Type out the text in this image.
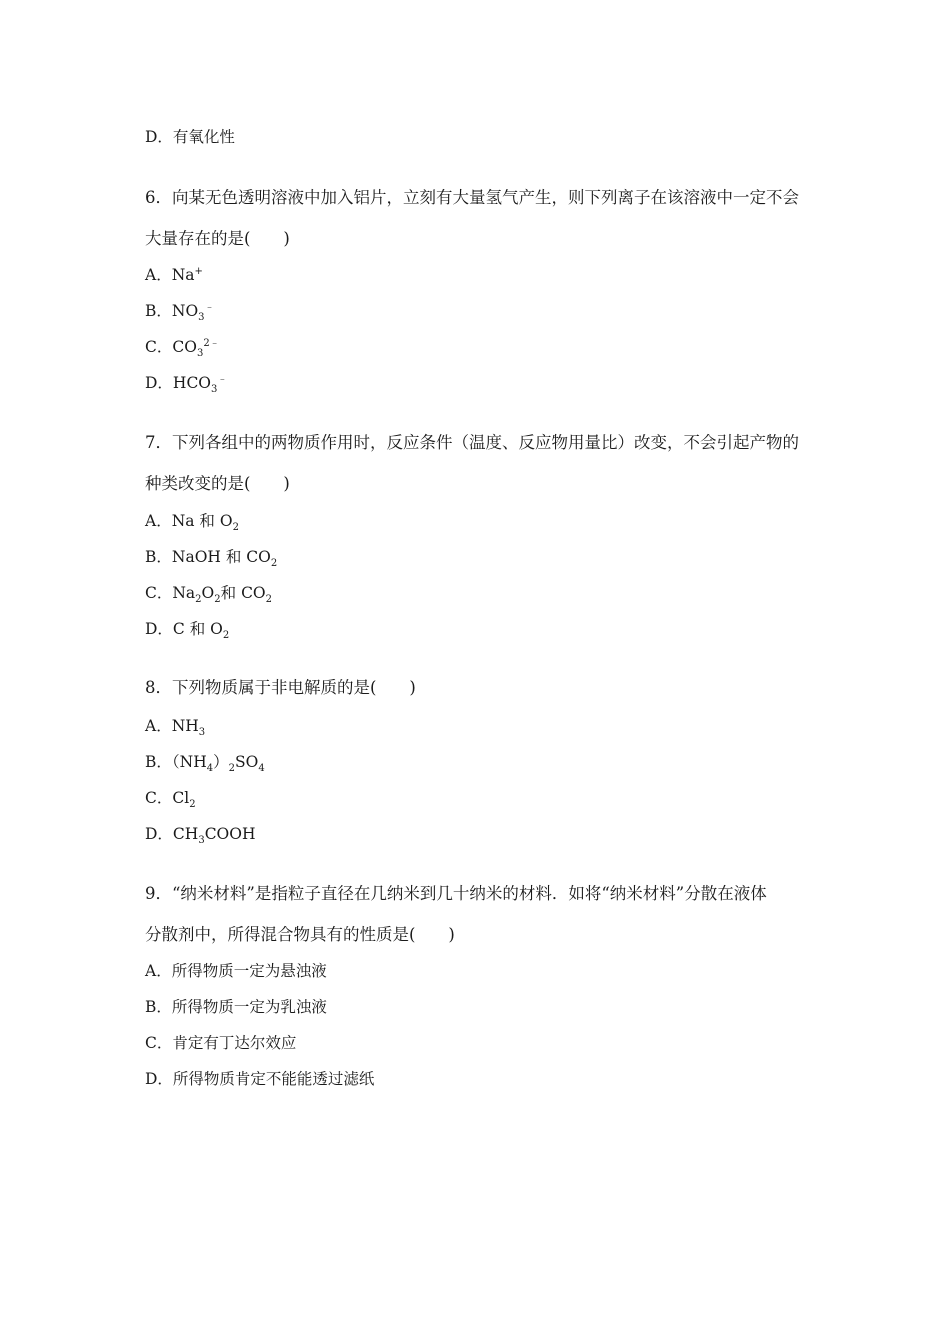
D．有氧化性
6．向某无色透明溶液中加入铝片，立刻有大量氢气产生，则下列离子在该溶液中一定不会
大量存在的是(　　)
A．Na+
B．$NO_3^﹣$
C．$CO_3^{2﹣}$
D．$HCO_3^﹣$
7．下列各组中的两物质作用时，反应条件（温度、反应物用量比）改变，不会引起产物的
种类改变的是(　　)
A．Na 和 $O_2$
B．NaOH 和 $CO_2$
C．$Na_2O_2$和 $CO_2$
D．C 和 $O_2$
8．下列物质属于非电解质的是(　　)
A．$NH_3$
B．$(NH_4)_2SO_4$
C．$Cl_2$
D．$CH_3COOH$
9．“纳米材料”是指粒子直径在几纳米到几十纳米的材料．如将“纳米材料”分散在液体
分散剂中，所得混合物具有的性质是(　　)
A．所得物质一定为悬浊液
B．所得物质一定为乳浊液
C．肯定有丁达尔效应
D．所得物质肯定不能能透过滤纸
